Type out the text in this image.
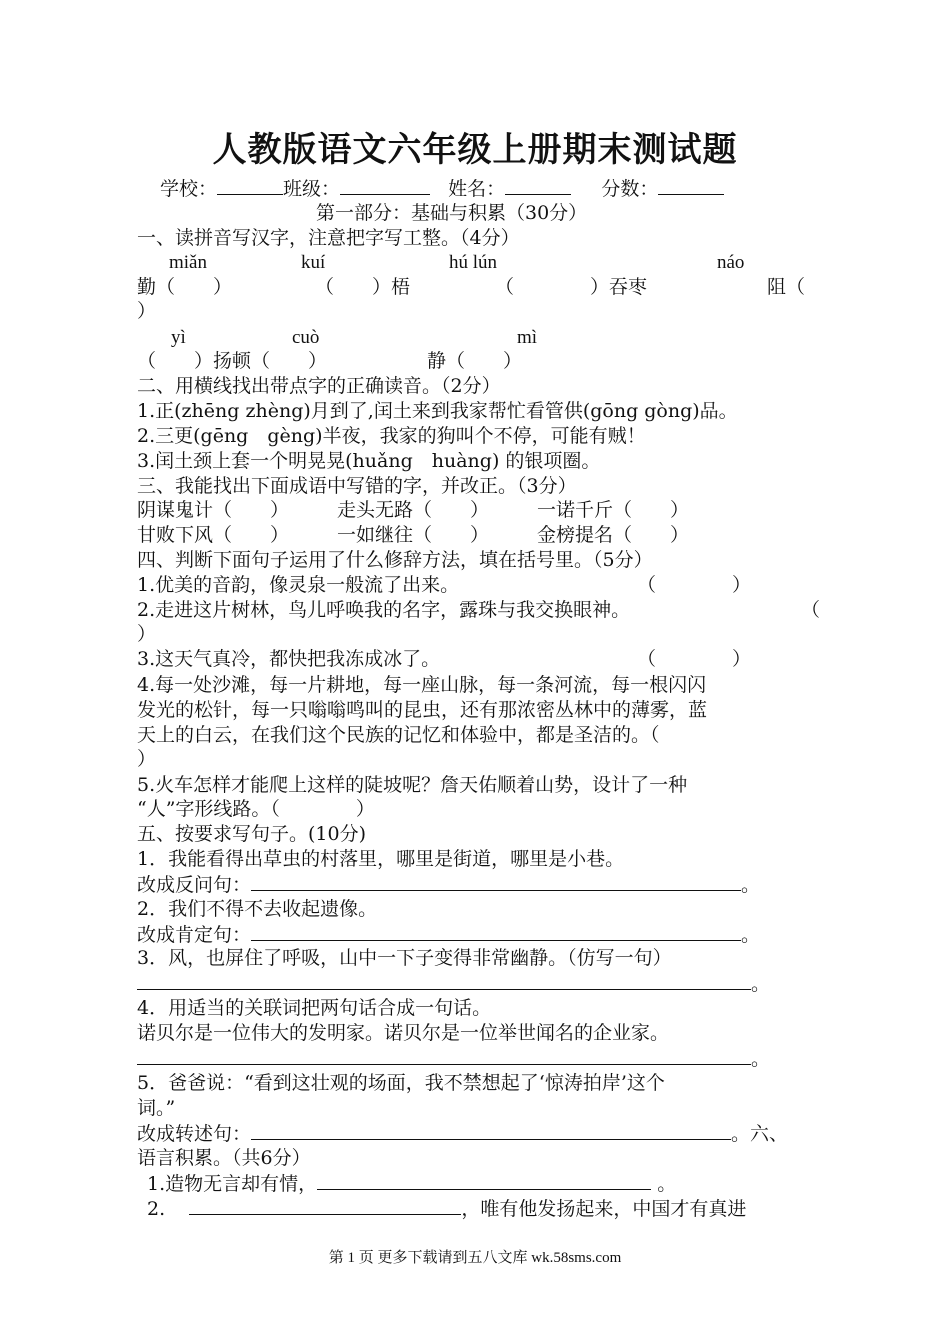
人教版语文六年级上册期末测试题
学校：	班级：	姓名：	分数：
第一部分：基础与积累（30分）
一、读拼音写汉字，注意把字写工整。（4分）
miǎn	kuí	hú lún	náo
勤（　　）	（　　）梧	（　　　　）吞枣	阻（
）
yì	cuò	mì
（　　）扬顿（　　）	静（　　）
二、用横线找出带点字的正确读音。（2分）
1.正(zhēng zhèng)月到了,闰土来到我家帮忙看管供(gōng gòng)品。
2.三更(gēng　gèng)半夜，我家的狗叫个不停，可能有贼！
3.闰土颈上套一个明晃晃(huǎng　huàng) 的银项圈。
三、我能找出下面成语中写错的字，并改正。（3分）
阴谋鬼计（　　）	走头无路（　　）	一诺千斤（　　）
甘败下风（　　）	一如继往（　　）	金榜提名（　　）
四、判断下面句子运用了什么修辞方法，填在括号里。（5分）
1.优美的音韵，像灵泉一般流了出来。	（　　　　）
2.走进这片树林，鸟儿呼唤我的名字，露珠与我交换眼神。	（
）
3.这天气真冷，都快把我冻成冰了。	（　　　　）
4.每一处沙滩，每一片耕地，每一座山脉，每一条河流，每一根闪闪
发光的松针，每一只嗡嗡鸣叫的昆虫，还有那浓密丛林中的薄雾，蓝
天上的白云，在我们这个民族的记忆和体验中，都是圣洁的。（
）
5.火车怎样才能爬上这样的陡坡呢？詹天佑顺着山势，设计了一种
“人”字形线路。（　　　　）
五、按要求写句子。(10分)
1．我能看得出草虫的村落里，哪里是街道，哪里是小巷。
改成反问句：	。
2．我们不得不去收起遗像。
改成肯定句：	。
3．风，也屏住了呼吸，山中一下子变得非常幽静。（仿写一句）
。
4．用适当的关联词把两句话合成一句话。
诺贝尔是一位伟大的发明家。诺贝尔是一位举世闻名的企业家。
。
5．爸爸说：“看到这壮观的场面，我不禁想起了‘惊涛拍岸’这个
词。”
改成转述句：	。六、
语言积累。（共6分）
1.造物无言却有情，	。
2.	，唯有他发扬起来，中国才有真进
第 1 页 更多下载请到五八文库 wk.58sms.com
